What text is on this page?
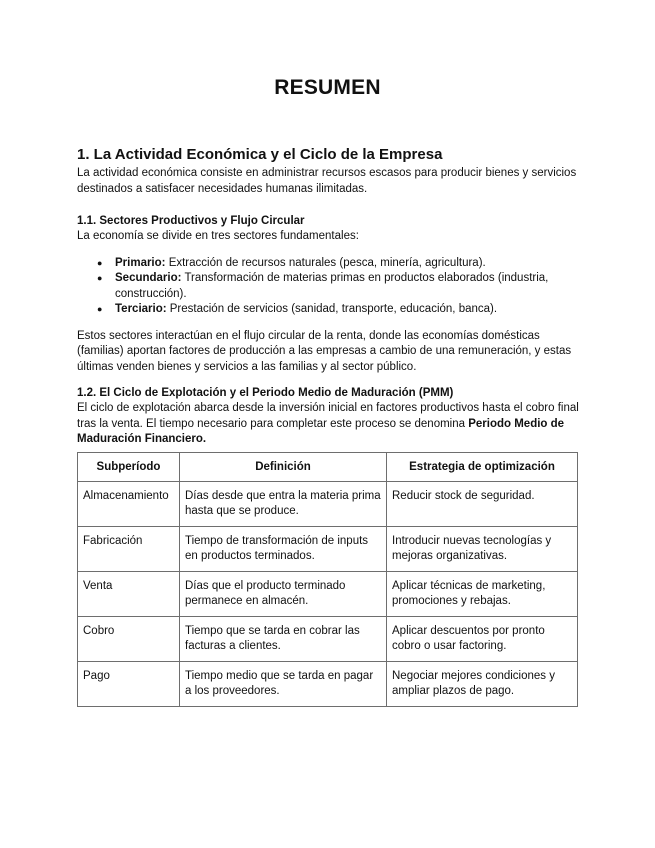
RESUMEN
1. La Actividad Económica y el Ciclo de la Empresa

La actividad económica consiste en administrar recursos escasos para producir bienes y servicios destinados a satisfacer necesidades humanas ilimitadas.

1.1. Sectores Productivos y Flujo Circular

La economía se divide en tres sectores fundamentales:

● Primario: Extracción de recursos naturales (pesca, minería, agricultura).
● Secundario: Transformación de materias primas en productos elaborados (industria, construcción).
● Terciario: Prestación de servicios (sanidad, transporte, educación, banca).

Estos sectores interactúan en el flujo circular de la renta, donde las economías domésticas (familias) aportan factores de producción a las empresas a cambio de una remuneración, y estas últimas venden bienes y servicios a las familias y al sector público.

1.2. El Ciclo de Explotación y el Periodo Medio de Maduración (PMM)

El ciclo de explotación abarca desde la inversión inicial en factores productivos hasta el cobro final tras la venta. El tiempo necesario para completar este proceso se denomina Periodo Medio de Maduración Financiero.

Subperíodo	Definición	Estrategia de optimización
Almacenamiento	Días desde que entra la materia prima hasta que se produce.	Reducir stock de seguridad.
Fabricación	Tiempo de transformación de inputs en productos terminados.	Introducir nuevas tecnologías y mejoras organizativas.
Venta	Días que el producto terminado permanece en almacén.	Aplicar técnicas de marketing, promociones y rebajas.
Cobro	Tiempo que se tarda en cobrar las facturas a clientes.	Aplicar descuentos por pronto cobro o usar factoring.
Pago	Tiempo medio que se tarda en pagar a los proveedores.	Negociar mejores condiciones y ampliar plazos de pago.
